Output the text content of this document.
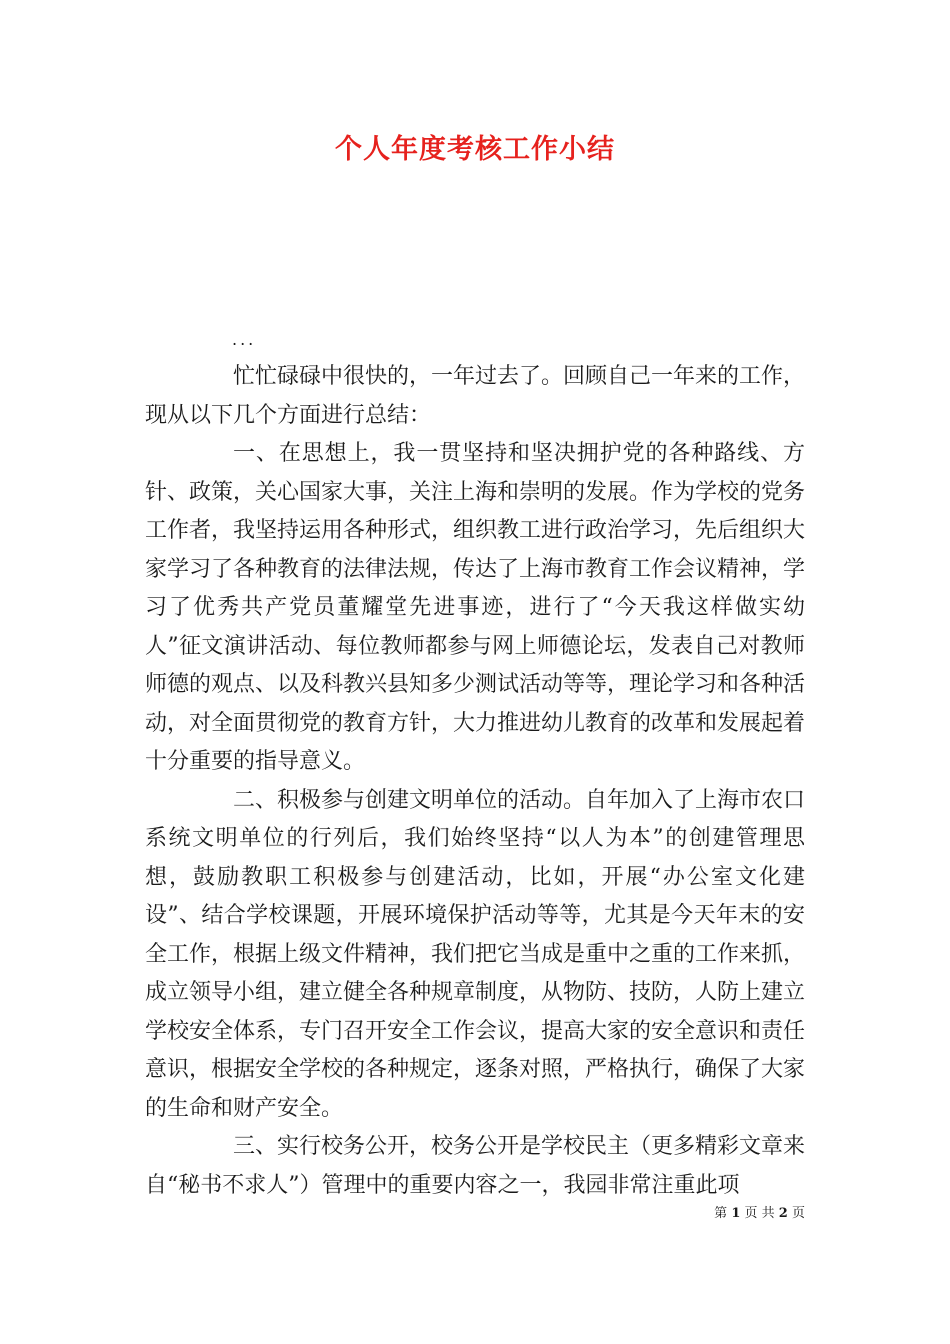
个人年度考核工作小结
...

忙忙碌碌中很快的，一年过去了。回顾自己一年来的工作，现从以下几个方面进行总结：

一、在思想上，我一贯坚持和坚决拥护党的各种路线、方针、政策，关心国家大事，关注上海和崇明的发展。作为学校的党务工作者，我坚持运用各种形式，组织教工进行政治学习，先后组织大家学习了各种教育的法律法规，传达了上海市教育工作会议精神，学习了优秀共产党员董耀堂先进事迹，进行了“今天我这样做实幼人”征文演讲活动、每位教师都参与网上师德论坛，发表自己对教师师德的观点、以及科教兴县知多少测试活动等等，理论学习和各种活动，对全面贯彻党的教育方针，大力推进幼儿教育的改革和发展起着十分重要的指导意义。

二、积极参与创建文明单位的活动。自年加入了上海市农口系统文明单位的行列后，我们始终坚持“以人为本”的创建管理思想，鼓励教职工积极参与创建活动，比如，开展“办公室文化建设”、结合学校课题，开展环境保护活动等等，尤其是今天年末的安全工作，根据上级文件精神，我们把它当成是重中之重的工作来抓，成立领导小组，建立健全各种规章制度，从物防、技防，人防上建立学校安全体系，专门召开安全工作会议，提高大家的安全意识和责任意识，根据安全学校的各种规定，逐条对照，严格执行，确保了大家的生命和财产安全。

三、实行校务公开，校务公开是学校民主（更多精彩文章来自“秘书不求人”）管理中的重要内容之一，我园非常注重此项

第 1 页 共 2 页
